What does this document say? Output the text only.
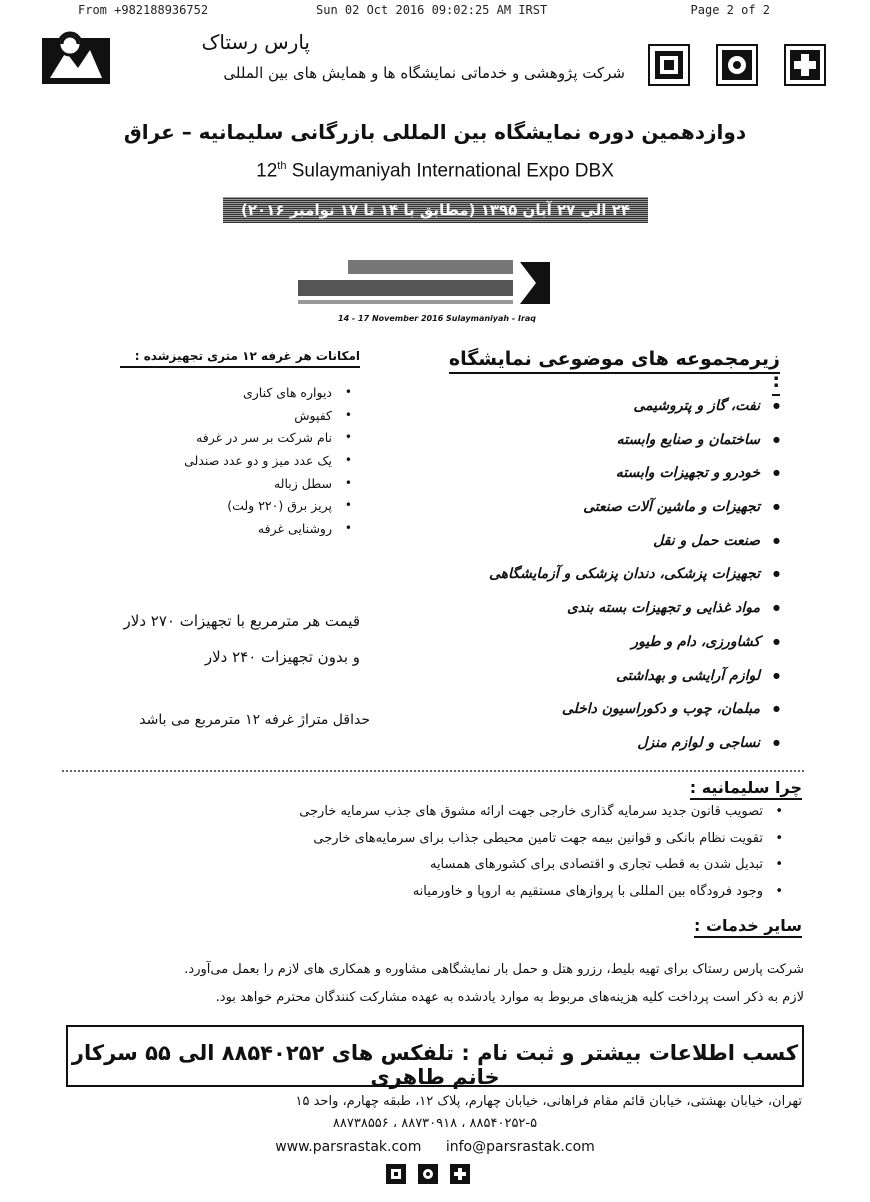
From +982188936752	Sun 02 Oct 2016 09:02:25 AM IRST	Page 2 of 2
پارس رستاک
شرکت پژوهشی و خدماتی نمایشگاه ها و همایش های بین المللی
دوازدهمین دوره نمایشگاه بین المللی بازرگانی سلیمانیه – عراق
12th Sulaymaniyah International Expo DBX
۲۴ الی ۲۷ آبان ۱۳۹۵ (مطابق با ۱۴ تا ۱۷ نوامبر ۲۰۱۶)
14 - 17 November 2016 Sulaymaniyah - Iraq
زیرمجموعه های موضوعی نمایشگاه :
● نفت، گاز و پتروشیمی
● ساختمان و صنایع وابسته
● خودرو و تجهیزات وابسته
● تجهیزات و ماشین آلات صنعتی
● صنعت حمل و نقل
● تجهیزات پزشکی، دندان پزشکی و آزمایشگاهی
● مواد غذایی و تجهیزات بسته بندی
● کشاورزی، دام و طیور
● لوازم آرایشی و بهداشتی
● مبلمان، چوب و دکوراسیون داخلی
● نساجی و لوازم منزل
امکانات هر غرفه ۱۲ متری تجهیزشده :
• دیواره های کناری
• کفپوش
• نام شرکت بر سر در غرفه
• یک عدد میز و دو عدد صندلی
• سطل زباله
• پریز برق (۲۲۰ ولت)
• روشنایی غرفه
قیمت هر مترمربع با تجهیزات ۲۷۰ دلار
و بدون تجهیزات ۲۴۰ دلار
حداقل متراژ غرفه ۱۲ مترمربع می باشد
چرا سلیمانیه :
• تصویب قانون جدید سرمایه گذاری خارجی جهت ارائه مشوق های جذب سرمایه خارجی
• تقویت نظام بانکی و قوانین بیمه جهت تامین محیطی جذاب برای سرمایه‌های خارجی
• تبدیل شدن به قطب تجاری و اقتصادی برای کشورهای همسایه
• وجود فرودگاه بین المللی با پروازهای مستقیم به اروپا و خاورمیانه
سایر خدمات :
شرکت پارس رستاک برای تهیه بلیط، رزرو هتل و حمل بار نمایشگاهی مشاوره و همکاری های لازم را بعمل می‌آورد.
لازم به ذکر است پرداخت کلیه هزینه‌های مربوط به موارد یادشده به عهده مشارکت کنندگان محترم خواهد بود.
کسب اطلاعات بیشتر و ثبت نام : تلفکس های ۸۸۵۴۰۲۵۲ الی ۵۵ سرکار خانم طاهری
تهران، خیابان بهشتی، خیابان قائم مقام فراهانی، خیابان چهارم، پلاک ۱۲، طبقه چهارم، واحد ۱۵
۸۸۷۳۸۵۵۶ ، ۸۸۷۳۰۹۱۸ ، ۸۸۵۴۰۲۵۲-۵
www.parsrastak.com info@parsrastak.com
